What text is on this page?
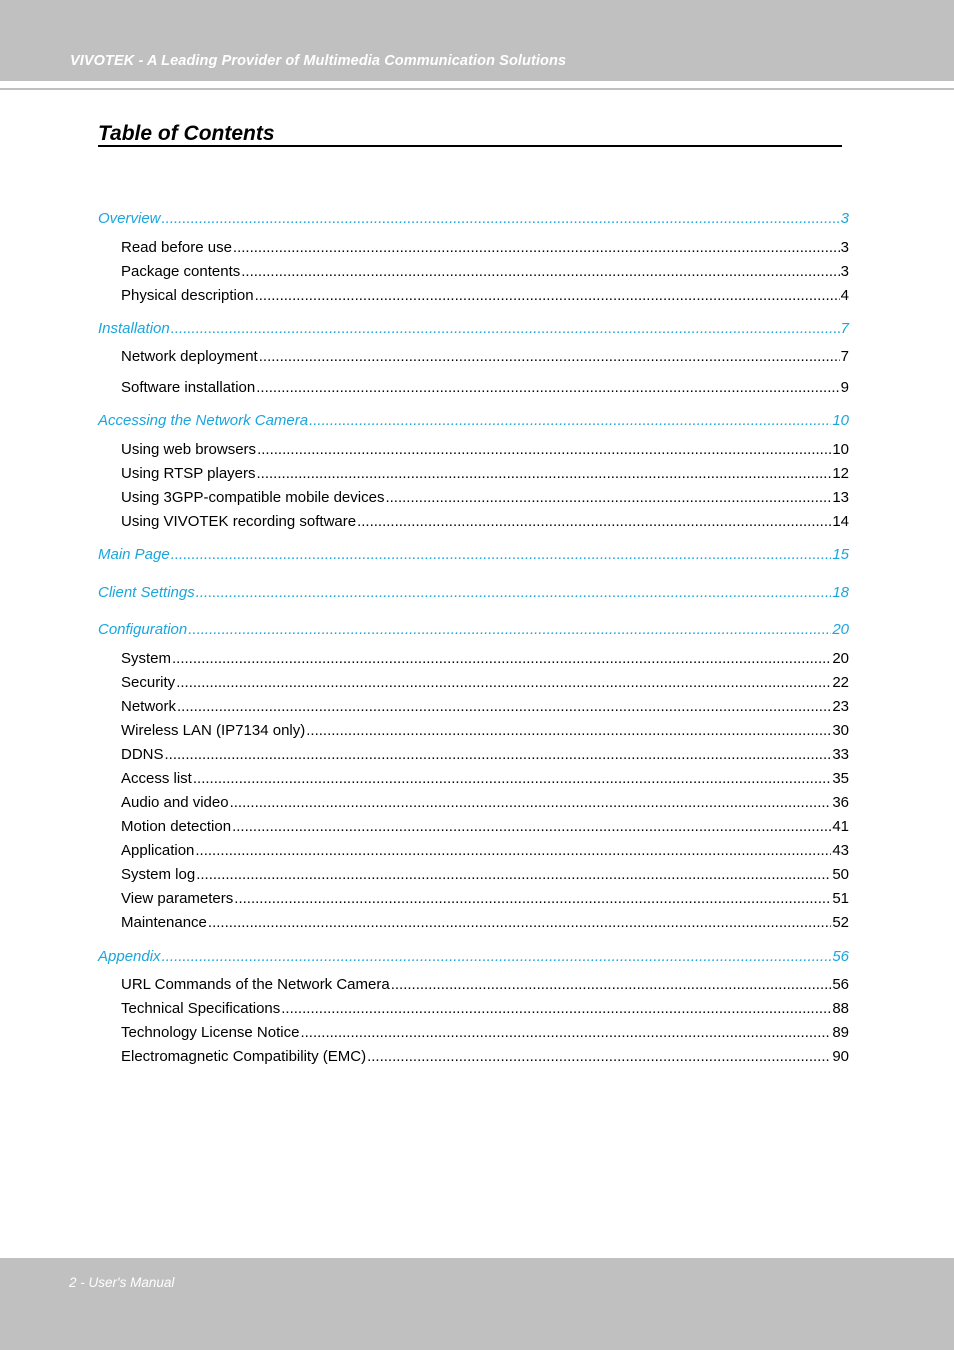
VIVOTEK - A Leading Provider of Multimedia Communication Solutions
Table of Contents
Overview .....	3
Read before use .....	3
Package contents .....	3
Physical description .....	4
Installation .....	7
Network deployment .....	7
Software installation .....	9
Accessing the Network Camera .....	10
Using web browsers .....	10
Using RTSP players .....	12
Using 3GPP-compatible mobile devices .....	13
Using VIVOTEK recording software .....	14
Main Page .....	15
Client Settings .....	18
Configuration .....	20
System .....	20
Security .....	22
Network .....	23
Wireless LAN (IP7134 only) .....	30
DDNS .....	33
Access list .....	35
Audio and video .....	36
Motion detection .....	41
Application .....	43
System log .....	50
View parameters .....	51
Maintenance .....	52
Appendix .....	56
URL Commands of the Network Camera .....	56
Technical Specifications .....	88
Technology License Notice .....	89
Electromagnetic Compatibility (EMC) .....	90
2 - User's Manual
